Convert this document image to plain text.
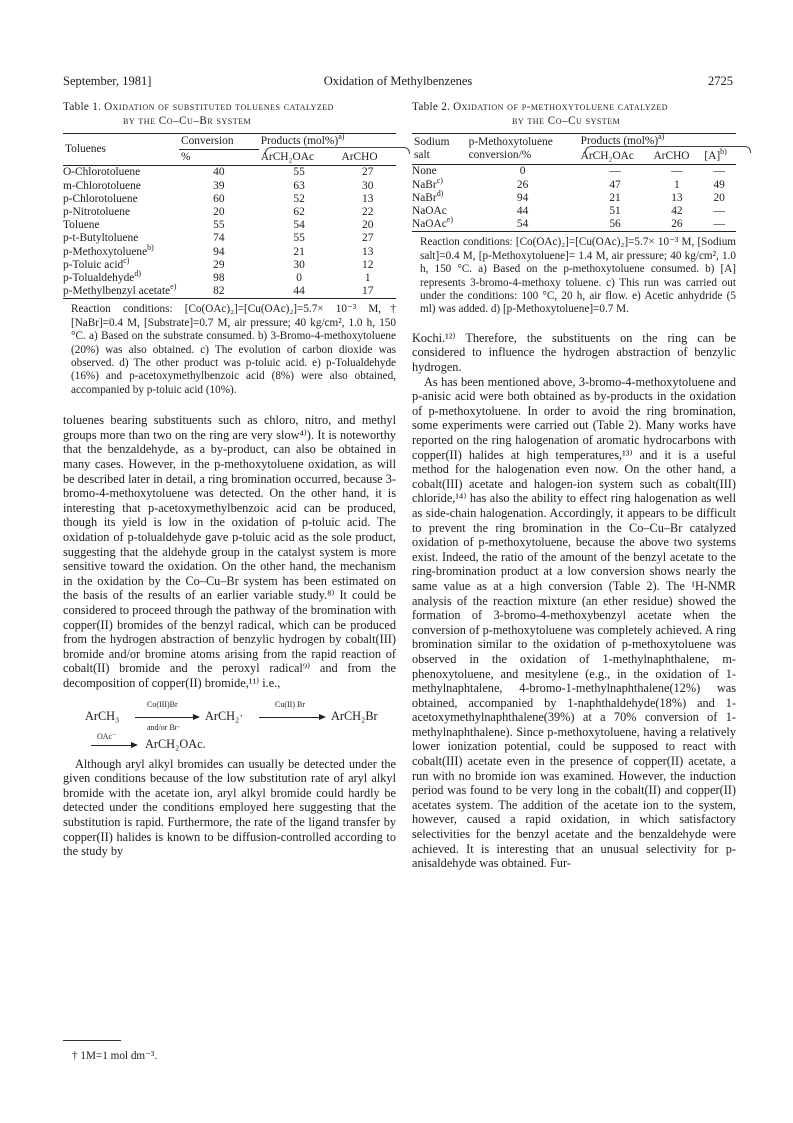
September, 1981]	Oxidation of Methylbenzenes	2725
Table 1. Oxidation of substituted toluenes catalyzed
by the Co–Cu–Br system
Toluenes	Conversion	Products $(mol\%)^{a)}$
	%	ArCH₂OAc	ArCHO
O-Chlorotoluene	40	55	27
m-Chlorotoluene	39	63	30
p-Chlorotoluene	60	52	13
p-Nitrotoluene	20	62	22
Toluene	55	54	20
p-t-Butyltoluene	74	55	27
p-Methoxytoluene$^{b)}$	94	21	13
p-Toluic acid$^{c)}$	29	30	12
p-Tolualdehyde$^{d)}$	98	0	1
p-Methylbenzyl acetate$^{e)}$	82	44	17

Reaction conditions: [Co(OAc)₂]=[Cu(OAc)₂]=5.7× 10⁻³ M,† [NaBr]=0.4 M, [Substrate]=0.7 M, air pressure; 40 kg/cm², 1.0 h, 150 °C. a) Based on the substrate consumed. b) 3-Bromo-4-methoxytoluene (20%) was also obtained. c) The evolution of carbon dioxide was observed. d) The other product was p-toluic acid. e) p-Tolualdehyde (16%) and p-acetoxymethylbenzoic acid (8%) were also obtained, accompanied by p-toluic acid (10%).

toluenes bearing substituents such as chloro, nitro, and methyl groups more than two on the ring are very slow⁴⁾). It is noteworthy that the benzaldehyde, as a by-product, can also be obtained in many cases. However, in the p-methoxytoluene oxidation, as will be described later in detail, a ring bromination occurred, because 3-bromo-4-methoxytoluene was detected. On the other hand, it is interesting that p-acetoxymethylbenzoic acid can be produced, though its yield is low in the oxidation of p-toluic acid. The oxidation of p-tolualdehyde gave p-toluic acid as the sole product, suggesting that the aldehyde group in the catalyst system is more sensitive toward the oxidation. On the other hand, the mechanism in the oxidation by the Co–Cu–Br system has been estimated on the basis of the results of an earlier variable study.⁸⁾ It could be considered to proceed through the pathway of the bromination with copper(II) bromides of the benzyl radical, which can be produced from the hydrogen abstraction of benzylic hydrogen by cobalt(III) bromide and/or bromine atoms arising from the rapid reaction of cobalt(II) bromide and the peroxyl radical⁹⁾ and from the decomposition of copper(II) bromide,¹¹⁾ i.e.,

ArCH₃
Co(III)Br
and/or Br·
ArCH₂·
Cu(II) Br
ArCH₂Br
OAc⁻
ArCH₂OAc.

Although aryl alkyl bromides can usually be detected under the given conditions because of the low substitution rate of aryl alkyl bromide with the acetate ion, aryl alkyl bromide could hardly be detected under the conditions employed here suggesting that the substitution is rapid. Furthermore, the rate of the ligand transfer by copper(II) halides is known to be diffusion-controlled according to the study by

Table 2. Oxidation of p-methoxytoluene catalyzed
by the Co–Cu system
Sodium
salt	p-Methoxytoluene
conversion/%	Products $(mol\%)^{a)}$

ArCH₂OAc	ArCHO	$[A]^{b)}$
None	0	—	—	—
NaBr$^{c)}$	26	47	1	49
NaBr$^{d)}$	94	21	13	20
NaOAc	44	51	42	—
NaOAc$^{e)}$	54	56	26	—

Reaction conditions: [Co(OAc)₂]=[Cu(OAc)₂]=5.7× 10⁻³ M, [Sodium salt]=0.4 M, [p-Methoxytoluene]= 1.4 M, air pressure; 40 kg/cm², 1.0 h, 150 °C. a) Based on the p-methoxytoluene consumed. b) [A] represents 3-bromo-4-methoxy toluene. c) This run was carried out under the conditions: 100 °C, 20 h, air flow. e) Acetic anhydride (5 ml) was added. d) [p-Methoxytoluene]=0.7 M.

Kochi.¹²⁾ Therefore, the substituents on the ring can be considered to influence the hydrogen abstraction of benzylic hydrogen.

As has been mentioned above, 3-bromo-4-methoxytoluene and p-anisic acid were both obtained as by-products in the oxidation of p-methoxytoluene. In order to avoid the ring bromination, some experiments were carried out (Table 2). Many works have reported on the ring halogenation of aromatic hydrocarbons with copper(II) halides at high temperatures,¹³⁾ and it is a useful method for the halogenation even now. On the other hand, a cobalt(III) acetate and halogen-ion system such as cobalt(III) chloride,¹⁴⁾ has also the ability to effect ring halogenation as well as side-chain halogenation. Accordingly, it appears to be difficult to prevent the ring bromination in the Co–Cu–Br catalyzed oxidation of p-methoxytoluene, because the above two systems exist. Indeed, the ratio of the amount of the benzyl acetate to the ring-bromination product at a low conversion shows nearly the same value as at a high conversion (Table 2). The ¹H-NMR analysis of the reaction mixture (an ether residue) showed the formation of 3-bromo-4-methoxybenzyl acetate when the conversion of p-methoxytoluene was completely achieved. A ring bromination similar to the oxidation of p-methoxytoluene was observed in the oxidation of 1-methylnaphthalene, m-phenoxytoluene, and mesitylene (e.g., in the oxidation of 1-methylnaphtalene, 4-bromo-1-methylnaphthalene(12%) was obtained, accompanied by 1-naphthaldehyde(18%) and 1-acetoxymethylnaphthalene(39%) at a 70% conversion of 1-methylnaphthalene). Since p-methoxytoluene, having a relatively lower ionization potential, could be supposed to react with cobalt(III) acetate even in the presence of copper(II) acetate, a run with no bromide ion was examined. However, the induction period was found to be very long in the cobalt(II) and copper(II) acetates system. The addition of the acetate ion to the system, however, caused a rapid oxidation, in which satisfactory selectivities for the benzyl acetate and the benzaldehyde were achieved. It is interesting that an unusual selectivity for p-anisaldehyde was obtained. Fur-

† 1M=1 mol dm⁻³.
